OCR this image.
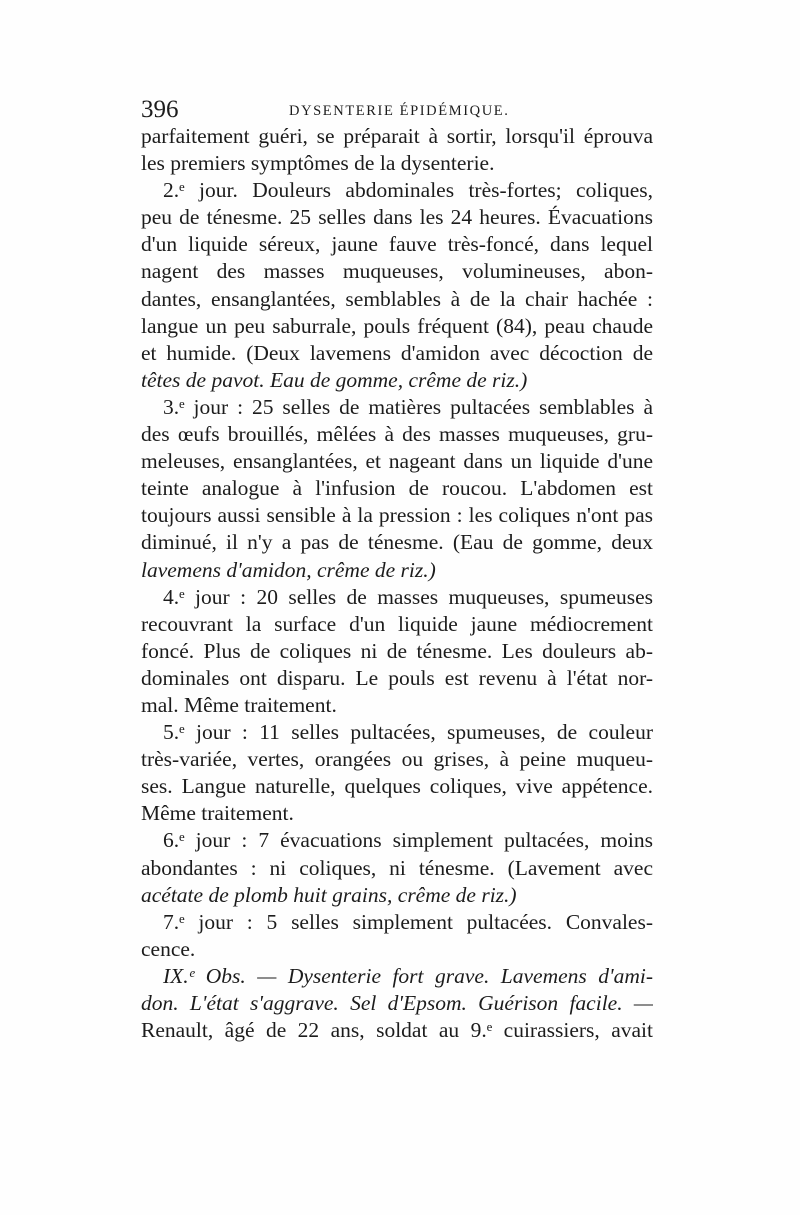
396	DYSENTERIE ÉPIDÉMIQUE.
parfaitement guéri, se préparait à sortir, lorsqu'il éprouva
les premiers symptômes de la dysenterie.
2.ᵉ jour. Douleurs abdominales très-fortes; coliques,
peu de ténesme. 25 selles dans les 24 heures. Évacuations
d'un liquide séreux, jaune fauve très-foncé, dans lequel
nagent des masses muqueuses, volumineuses, abon-
dantes, ensanglantées, semblables à de la chair hachée :
langue un peu saburrale, pouls fréquent (84), peau chaude
et humide. (Deux lavemens d'amidon avec décoction de
têtes de pavot. Eau de gomme, crême de riz.)
3.ᵉ jour : 25 selles de matières pultacées semblables à
des œufs brouillés, mêlées à des masses muqueuses, gru-
meleuses, ensanglantées, et nageant dans un liquide d'une
teinte analogue à l'infusion de roucou. L'abdomen est
toujours aussi sensible à la pression : les coliques n'ont pas
diminué, il n'y a pas de ténesme. (Eau de gomme, deux
lavemens d'amidon, crême de riz.)
4.ᵉ jour : 20 selles de masses muqueuses, spumeuses
recouvrant la surface d'un liquide jaune médiocrement
foncé. Plus de coliques ni de ténesme. Les douleurs ab-
dominales ont disparu. Le pouls est revenu à l'état nor-
mal. Même traitement.
5.ᵉ jour : 11 selles pultacées, spumeuses, de couleur
très-variée, vertes, orangées ou grises, à peine muqueu-
ses. Langue naturelle, quelques coliques, vive appétence.
Même traitement.
6.ᵉ jour : 7 évacuations simplement pultacées, moins
abondantes : ni coliques, ni ténesme. (Lavement avec
acétate de plomb huit grains, crême de riz.)
7.ᵉ jour : 5 selles simplement pultacées. Convales-
cence.
IX.ᵉ Obs. — Dysenterie fort grave. Lavemens d'ami-
don. L'état s'aggrave. Sel d'Epsom. Guérison facile. —
Renault, âgé de 22 ans, soldat au 9.ᵉ cuirassiers, avait
